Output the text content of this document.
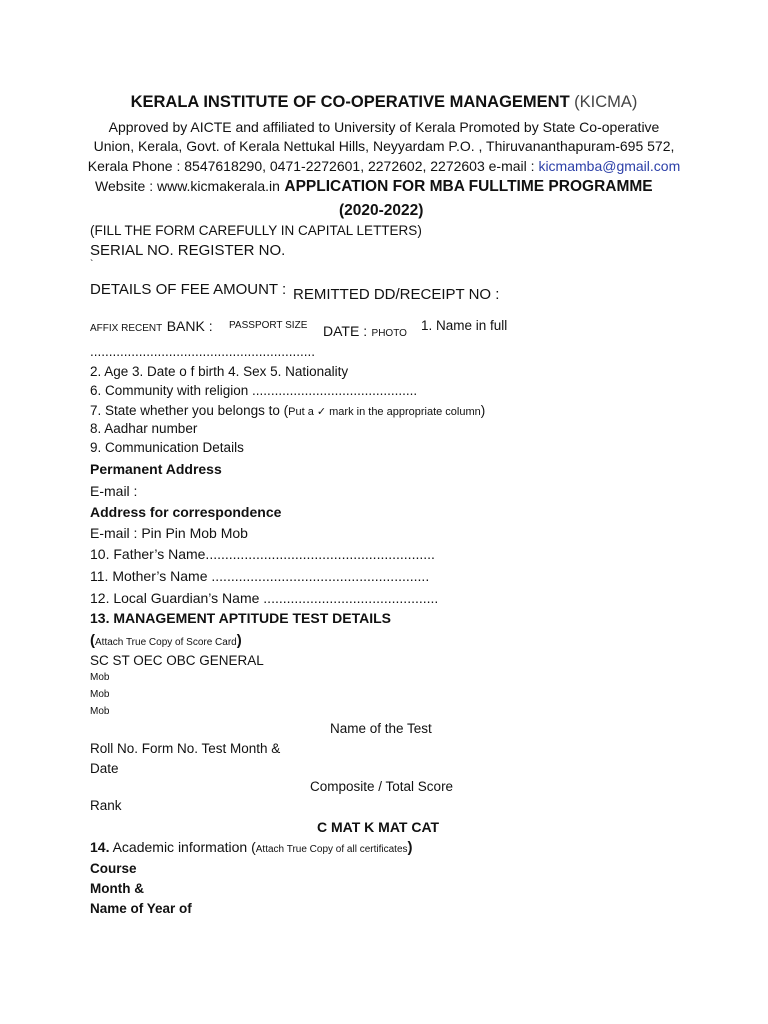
KERALA INSTITUTE OF CO-OPERATIVE MANAGEMENT (KICMA)
Approved by AICTE and affiliated to University of Kerala Promoted by State Co-operative
Union, Kerala, Govt. of Kerala Nettukal Hills, Neyyardam P.O. , Thiruvananthapuram-695 572,
Kerala Phone : 8547618290, 0471-2272601, 2272602, 2272603 e-mail : kicmamba@gmail.com
Website : www.kicmakerala.in APPLICATION FOR MBA FULLTIME PROGRAMME
(2020-2022)
(FILL THE FORM CAREFULLY IN CAPITAL LETTERS)
SERIAL NO. REGISTER NO.
`
DETAILS OF FEE AMOUNT : REMITTED DD/RECEIPT NO :
AFFIX RECENT BANK : PASSPORT SIZE DATE : PHOTO
1. Name in full
............................................................
2. Age 3. Date o f birth 4. Sex 5. Nationality
6. Community with religion ............................................
7. State whether you belongs to (Put a ✓ mark in the appropriate column)
8. Aadhar number
9. Communication Details
Permanent Address
E-mail :
Address for correspondence
E-mail : Pin Pin Mob Mob
10. Father’s Name...........................................................
11. Mother’s Name ........................................................
12. Local Guardian’s Name .............................................
13. MANAGEMENT APTITUDE TEST DETAILS
(Attach True Copy of Score Card)
SC ST OEC OBC GENERAL
Mob
Mob
Mob
Name of the Test
Roll No. Form No. Test Month &
Date
Composite / Total Score
Rank
C MAT K MAT CAT
14. Academic information (Attach True Copy of all certificates)
Course
Month &
Name of Year of
